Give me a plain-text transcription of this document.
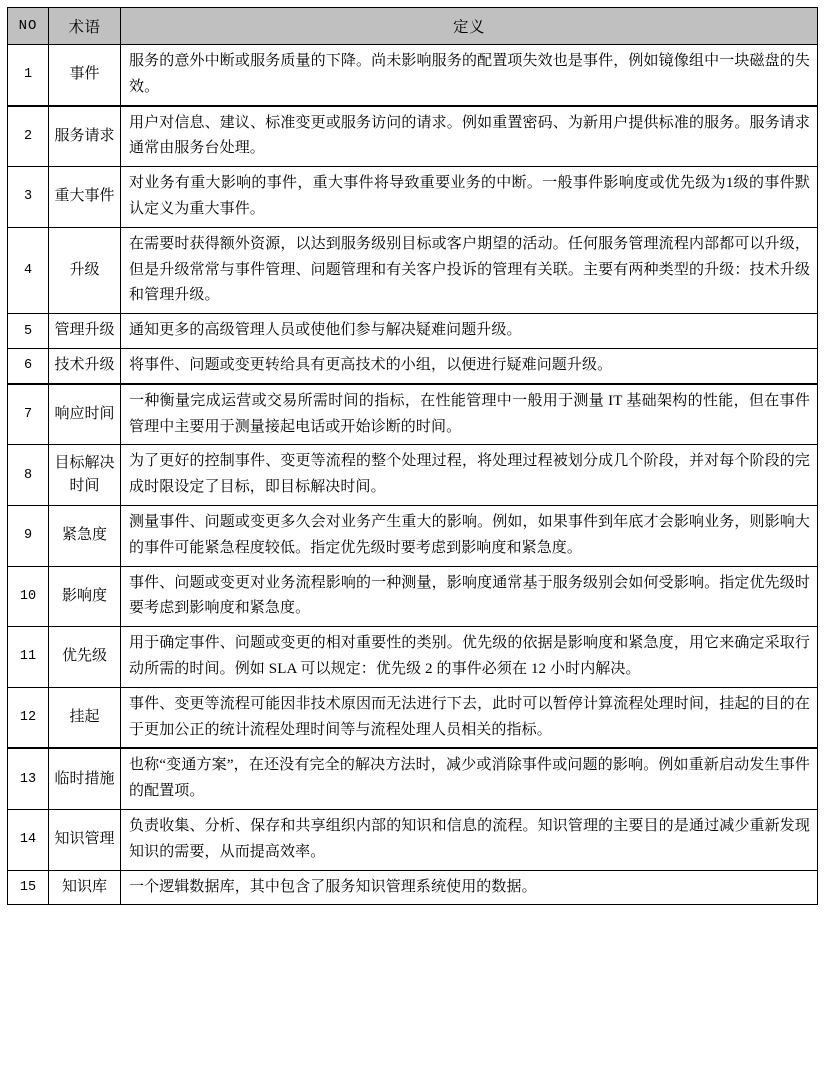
NO	术语	定义
1	事件	服务的意外中断或服务质量的下降。尚未影响服务的配置项失效也是事件，例如镜像组中一块磁盘的失效。
2	服务请求	用户对信息、建议、标准变更或服务访问的请求。例如重置密码、为新用户提供标准的服务。服务请求通常由服务台处理。
3	重大事件	对业务有重大影响的事件，重大事件将导致重要业务的中断。一般事件影响度或优先级为1级的事件默认定义为重大事件。
4	升级	在需要时获得额外资源，以达到服务级别目标或客户期望的活动。任何服务管理流程内部都可以升级，但是升级常常与事件管理、问题管理和有关客户投诉的管理有关联。主要有两种类型的升级：技术升级和管理升级。
5	管理升级	通知更多的高级管理人员或使他们参与解决疑难问题升级。
6	技术升级	将事件、问题或变更转给具有更高技术的小组，以便进行疑难问题升级。
7	响应时间	一种衡量完成运营或交易所需时间的指标，在性能管理中一般用于测量 IT 基础架构的性能，但在事件管理中主要用于测量接起电话或开始诊断的时间。
8	目标解决时间	为了更好的控制事件、变更等流程的整个处理过程，将处理过程被划分成几个阶段，并对每个阶段的完成时限设定了目标，即目标解决时间。
9	紧急度	测量事件、问题或变更多久会对业务产生重大的影响。例如，如果事件到年底才会影响业务，则影响大的事件可能紧急程度较低。指定优先级时要考虑到影响度和紧急度。
10	影响度	事件、问题或变更对业务流程影响的一种测量，影响度通常基于服务级别会如何受影响。指定优先级时要考虑到影响度和紧急度。
11	优先级	用于确定事件、问题或变更的相对重要性的类别。优先级的依据是影响度和紧急度，用它来确定采取行动所需的时间。例如 SLA 可以规定：优先级 2 的事件必须在 12 小时内解决。
12	挂起	事件、变更等流程可能因非技术原因而无法进行下去，此时可以暂停计算流程处理时间，挂起的目的在于更加公正的统计流程处理时间等与流程处理人员相关的指标。
13	临时措施	也称“变通方案”，在还没有完全的解决方法时，减少或消除事件或问题的影响。例如重新启动发生事件的配置项。
14	知识管理	负责收集、分析、保存和共享组织内部的知识和信息的流程。知识管理的主要目的是通过减少重新发现知识的需要，从而提高效率。
15	知识库	一个逻辑数据库，其中包含了服务知识管理系统使用的数据。
